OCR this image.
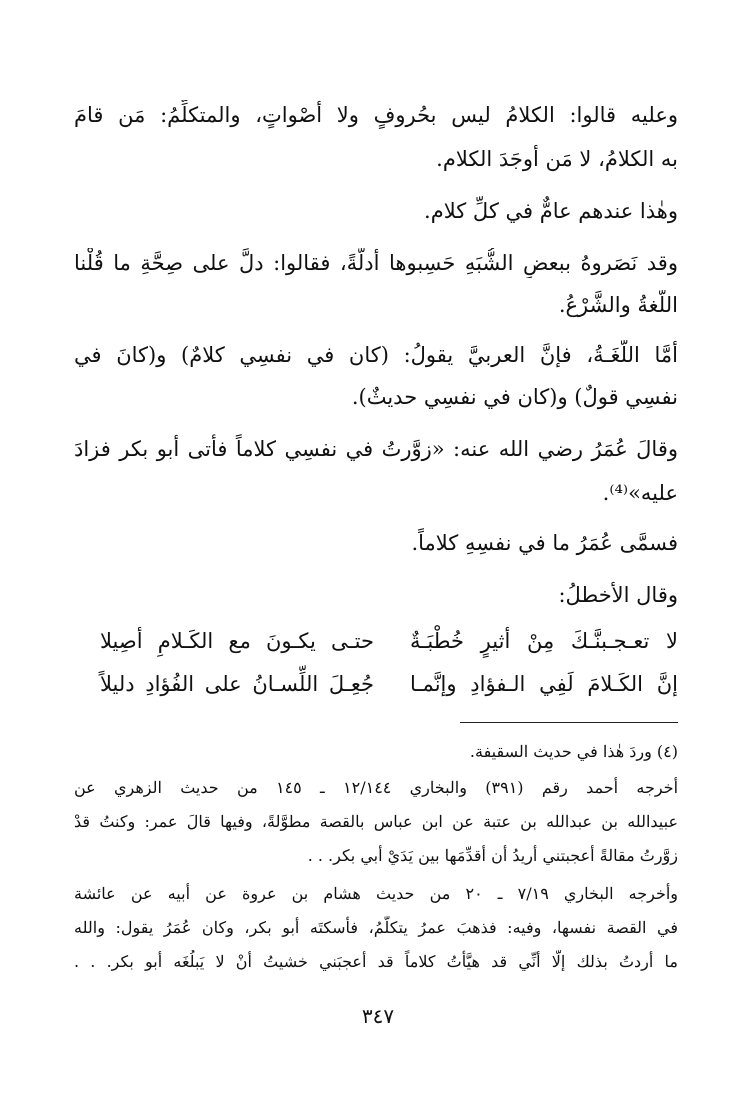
وعليه قالوا: الكلامُ ليس بحُروفٍ ولا أصْواتٍ، والمتكلِّمُ: مَن قامَ
به الكلامُ، لا مَن أوجَدَ الكلام.
وهٰذا عندهم عامٌّ في كلِّ كلام.
وقد نَصَروهُ ببعضِ الشُّبَهِ حَسِبوها أدلَّةً، فقالوا: دلَّ على صِحَّةِ ما قُلْنا
اللُّغةُ والشَّرْعُ.
أمَّا اللُّغَـةُ، فإنَّ العربيَّ يقولُ: (كان في نفسِي كلامٌ) و(كانَ في
نفسِي قولٌ) و(كان في نفسِي حديثٌ).
وقالَ عُمَرُ رضي الله عنه: «زوَّرتُ في نفسِي كلاماً فأتى أبو بكر فزادَ
عليه»⁽⁴⁾.
فسمَّى عُمَرُ ما في نفسِهِ كلاماً.
وقال الأخطلُ:
لا تعـجـبنَّـكَ مِنْ أثيرٍ خُطْبَـةٌ
حتـى يكـونَ مع الكَـلامِ أصِيلا
إنَّ الكَـلامَ لَفِي الـفؤادِ وإنَّمـا
جُعِـلَ اللِّسـانُ على الفُؤادِ دليلاً
(٤) وردَ هٰذا في حديث السقيفة.
أخرجه أحمد رقم (٣٩١) والبخاري ١٢/١٤٤ ـ ١٤٥ من حديث الزهري عن
عبيدالله بن عبدالله بن عتبة عن ابن عباس بالقصة مطوَّلةً، وفيها قالَ عمر: وكنتُ قدْ
زوَّرتُ مقالةً أعجبتني أريدُ أن أقدِّمَها بين يَدَيْ أبي بكر. . .
وأخرجه البخاري ٧/١٩ ـ ٢٠ من حديث هشام بن عروة عن أبيه عن عائشة
في القصة نفسها، وفيه: فذهبَ عمرُ يتكلَّمُ، فأسكتَه أبو بكر، وكان عُمَرُ يقول: والله
ما أردتُ بذلك إلَّا أنِّي قد هيَّأتُ كلاماً قد أعجبَني خشيتُ أنْ لا يَبلُغَه أبو بكر. . .
٣٤٧
